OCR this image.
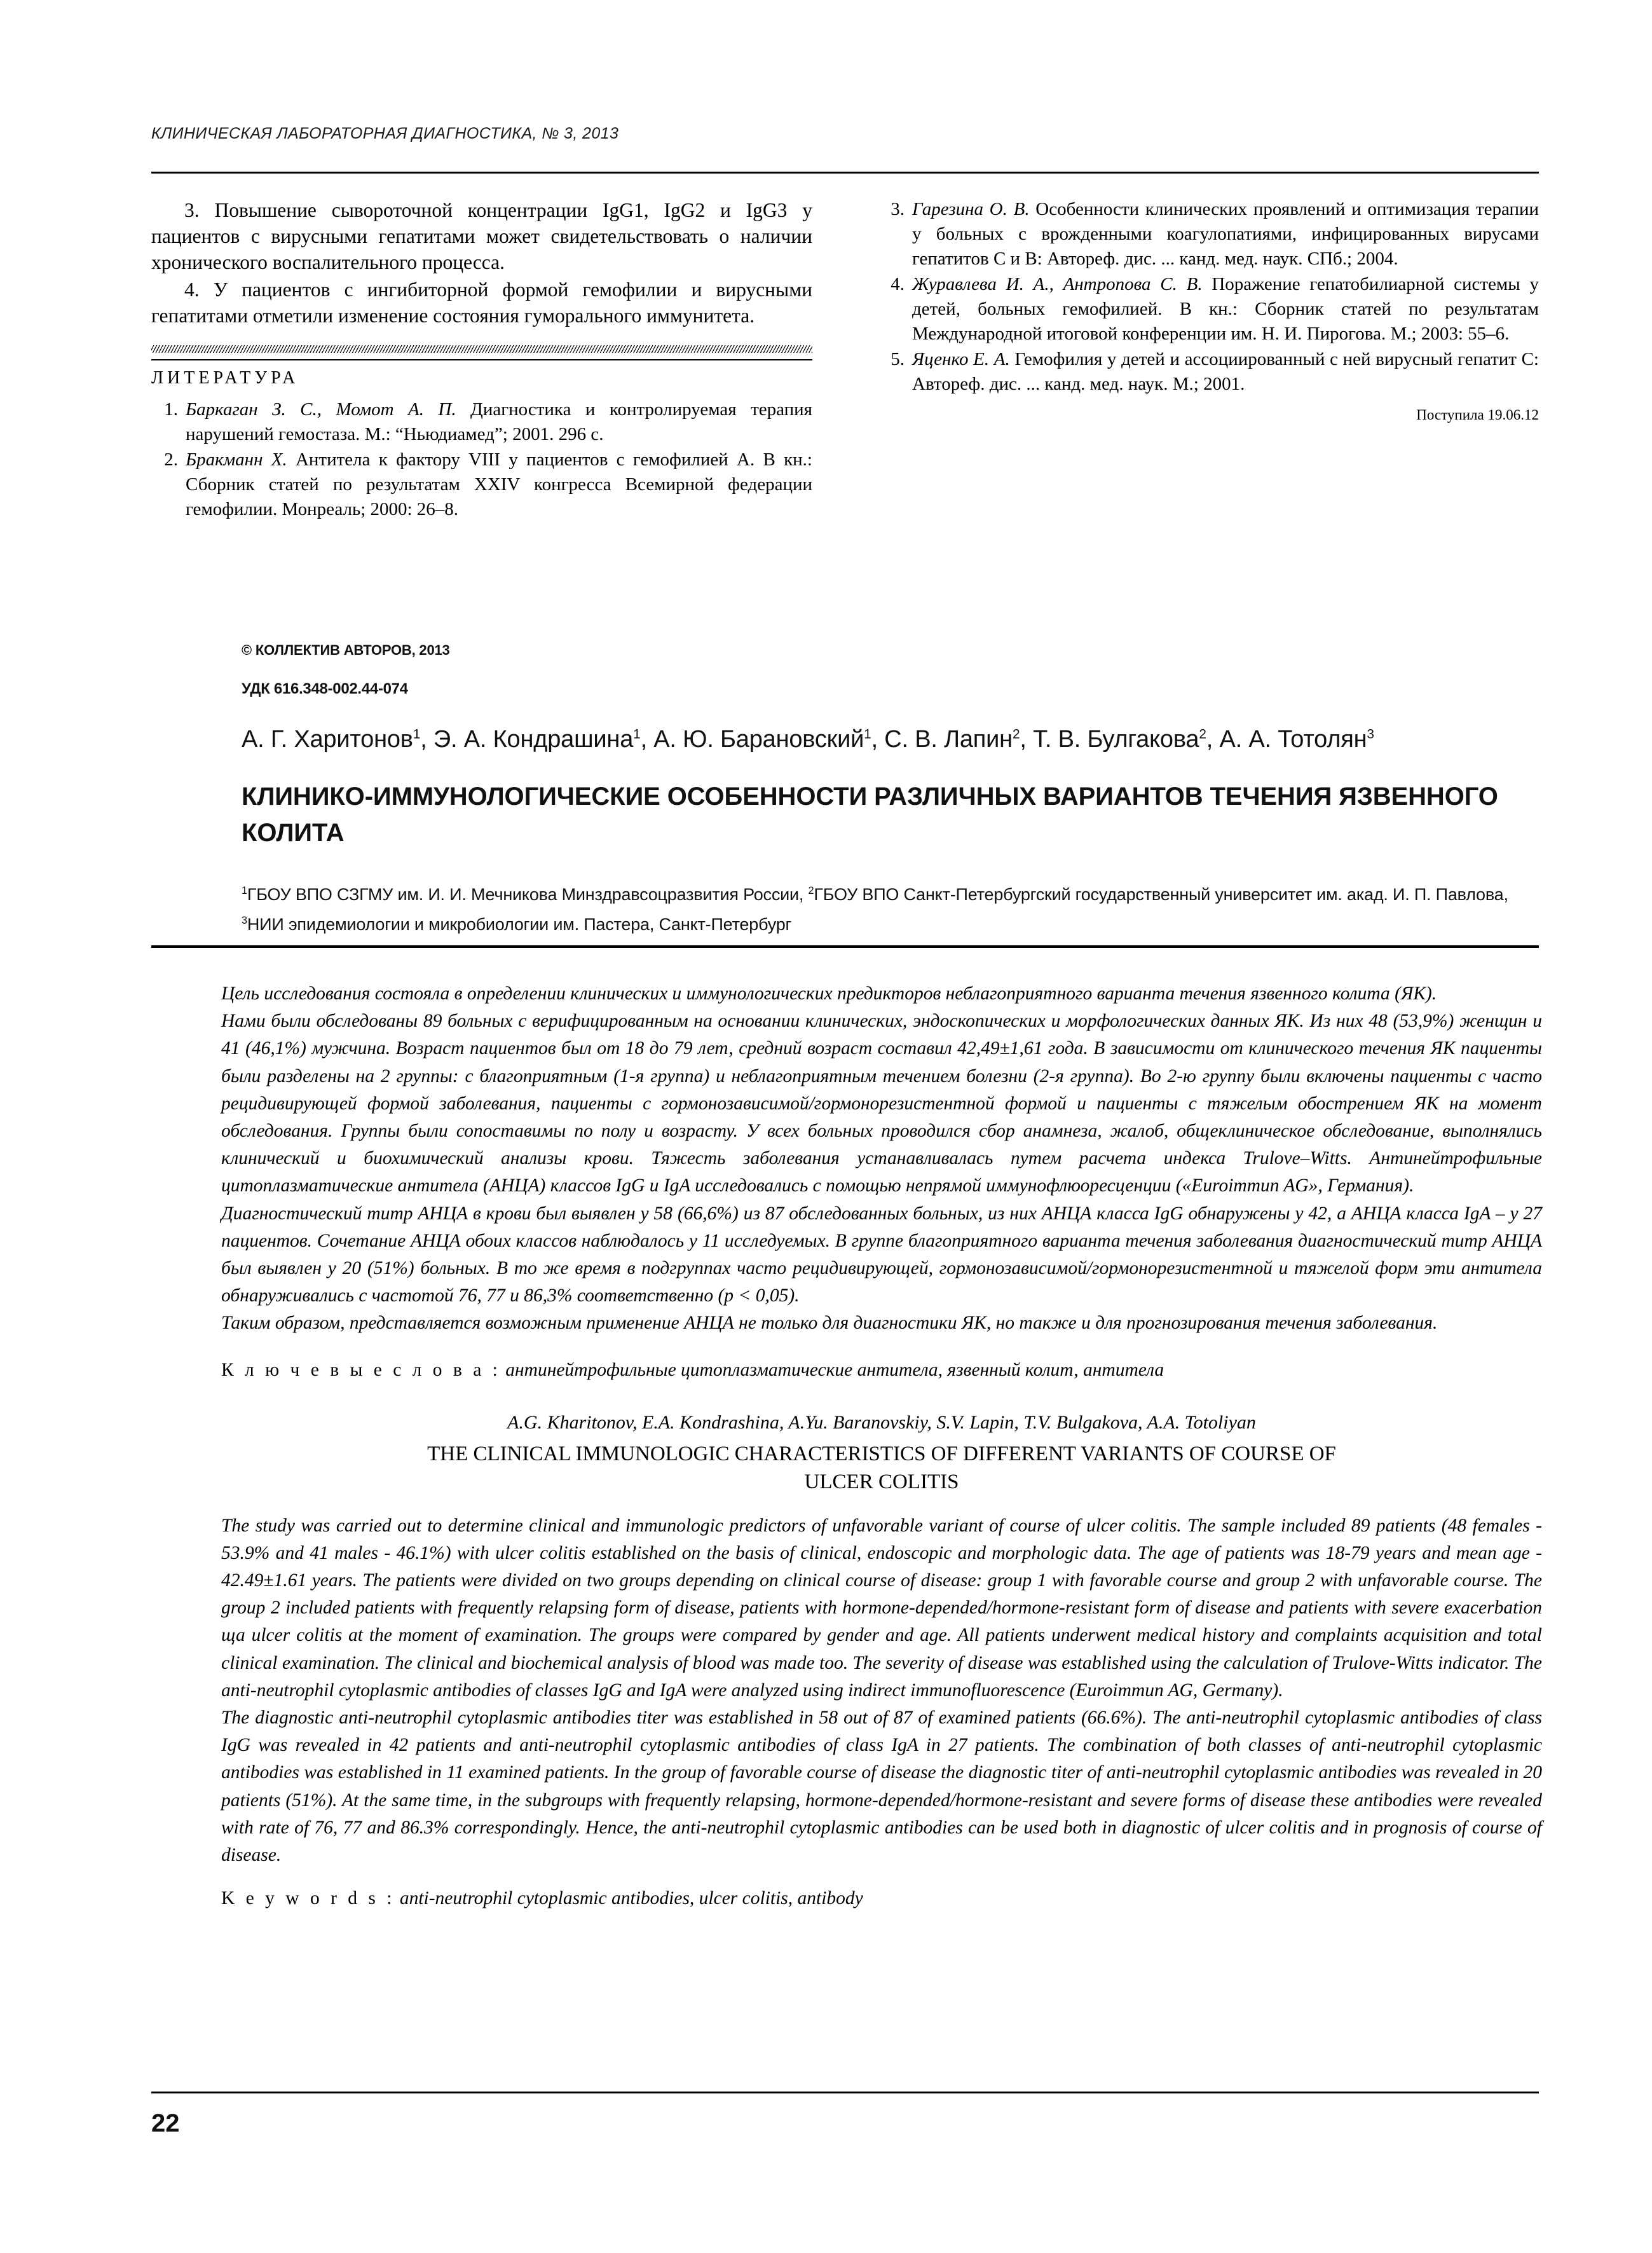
КЛИНИЧЕСКАЯ ЛАБОРАТОРНАЯ ДИАГНОСТИКА, № 3, 2013

3. Повышение сывороточной концентрации IgG1, IgG2 и IgG3 у пациентов с вирусными гепатитами может свидетельствовать о наличии хронического воспалительного процесса.

4. У пациентов с ингибиторной формой гемофилии и вирусными гепатитами отметили изменение состояния гуморального иммунитета.

ЛИТЕРАТУРА
1. Баркаган З. С., Момот А. П. Диагностика и контролируемая терапия нарушений гемостаза. М.: “Ньюдиамед”; 2001. 296 с.
2. Бракманн Х. Антитела к фактору VIII у пациентов с гемофилией А. В кн.: Сборник статей по результатам XXIV конгресса Всемирной федерации гемофилии. Монреаль; 2000: 26–8.
3. Гарезина О. В. Особенности клинических проявлений и оптимизация терапии у больных с врожденными коагулопатиями, инфицированных вирусами гепатитов С и В: Автореф. дис. ... канд. мед. наук. СПб.; 2004.
4. Журавлева И. А., Антропова С. В. Поражение гепатобилиарной системы у детей, больных гемофилией. В кн.: Сборник статей по результатам Международной итоговой конференции им. Н. И. Пирогова. М.; 2003: 55–6.
5. Яценко Е. А. Гемофилия у детей и ассоциированный с ней вирусный гепатит С: Автореф. дис. ... канд. мед. наук. М.; 2001.
Поступила 19.06.12
© КОЛЛЕКТИВ АВТОРОВ, 2013
УДК 616.348-002.44-074
А. Г. Харитонов$^1$, Э. А. Кондрашина$^1$, А. Ю. Барановский$^1$, С. В. Лапин$^2$, Т. В. Булгакова$^2$, А. А. Тотолян$^3$
КЛИНИКО-ИММУНОЛОГИЧЕСКИЕ ОСОБЕННОСТИ РАЗЛИЧНЫХ ВАРИАНТОВ ТЕЧЕНИЯ ЯЗВЕННОГО КОЛИТА
$^1$ГБОУ ВПО СЗГМУ им. И. И. Мечникова Минздравсоцразвития России, $^2$ГБОУ ВПО Санкт-Петербургский государственный университет им. акад. И. П. Павлова, $^3$НИИ эпидемиологии и микробиологии им. Пастера, Санкт-Петербург

Цель исследования состояла в определении клинических и иммунологических предикторов неблагоприятного варианта течения язвенного колита (ЯК).

Нами были обследованы 89 больных с верифицированным на основании клинических, эндоскопических и морфологических данных ЯК. Из них 48 (53,9%) женщин и 41 (46,1%) мужчина. Возраст пациентов был от 18 до 79 лет, средний возраст составил 42,49±1,61 года. В зависимости от клинического течения ЯК пациенты были разделены на 2 группы: с благоприятным (1-я группа) и неблагоприятным течением болезни (2-я группа). Во 2-ю группу были включены пациенты с часто рецидивирующей формой заболевания, пациенты с гормонозависимой/гормонорезистентной формой и пациенты с тяжелым обострением ЯК на момент обследования. Группы были сопоставимы по полу и возрасту. У всех больных проводился сбор анамнеза, жалоб, общеклиническое обследование, выполнялись клинический и биохимический анализы крови. Тяжесть заболевания устанавливалась путем расчета индекса Trulove–Witts. Антинейтрофильные цитоплазматические антитела (АНЦА) классов IgG и IgA исследовались с помощью непрямой иммунофлюоресценции («Euroimmun AG», Германия).

Диагностический титр АНЦА в крови был выявлен у 58 (66,6%) из 87 обследованных больных, из них АНЦА класса IgG обнаружены у 42, а АНЦА класса IgA – у 27 пациентов. Сочетание АНЦА обоих классов наблюдалось у 11 исследуемых. В группе благоприятного варианта течения заболевания диагностический титр АНЦА был выявлен у 20 (51%) больных. В то же время в подгруппах часто рецидивирующей, гормонозависимой/гормонорезистентной и тяжелой форм эти антитела обнаруживались с частотой 76, 77 и 86,3% соответственно (р < 0,05).

Таким образом, представляется возможным применение АНЦА не только для диагностики ЯК, но также и для прогнозирования течения заболевания.

К л ю ч е в ы е с л о в а : антинейтрофильные цитоплазматические антитела, язвенный колит, антитела

A.G. Kharitonov, E.A. Kondrashina, A.Yu. Baranovskiy, S.V. Lapin, T.V. Bulgakova, A.A. Totoliyan

THE CLINICAL IMMUNOLOGIC CHARACTERISTICS OF DIFFERENT VARIANTS OF COURSE OF
ULCER COLITIS

The study was carried out to determine clinical and immunologic predictors of unfavorable variant of course of ulcer colitis. The sample included 89 patients (48 females - 53.9% and 41 males - 46.1%) with ulcer colitis established on the basis of clinical, endoscopic and morphologic data. The age of patients was 18-79 years and mean age - 42.49±1.61 years. The patients were divided on two groups depending on clinical course of disease: group 1 with favorable course and group 2 with unfavorable course. The group 2 included patients with frequently relapsing form of disease, patients with hormone-depended/hormone-resistant form of disease and patients with severe exacerbation ща ulcer colitis at the moment of examination. The groups were compared by gender and age. All patients underwent medical history and complaints acquisition and total clinical examination. The clinical and biochemical analysis of blood was made too. The severity of disease was established using the calculation of Trulove-Witts indicator. The anti-neutrophil cytoplasmic antibodies of classes IgG and IgA were analyzed using indirect immunofluorescence (Euroimmun AG, Germany).

The diagnostic anti-neutrophil cytoplasmic antibodies titer was established in 58 out of 87 of examined patients (66.6%). The anti-neutrophil cytoplasmic antibodies of class IgG was revealed in 42 patients and anti-neutrophil cytoplasmic antibodies of class IgA in 27 patients. The combination of both classes of anti-neutrophil cytoplasmic antibodies was established in 11 examined patients. In the group of favorable course of disease the diagnostic titer of anti-neutrophil cytoplasmic antibodies was revealed in 20 patients (51%). At the same time, in the subgroups with frequently relapsing, hormone-depended/hormone-resistant and severe forms of disease these antibodies were revealed with rate of 76, 77 and 86.3% correspondingly. Hence, the anti-neutrophil cytoplasmic antibodies can be used both in diagnostic of ulcer colitis and in prognosis of course of disease.

K e y w o r d s : anti-neutrophil cytoplasmic antibodies, ulcer colitis, antibody

22
